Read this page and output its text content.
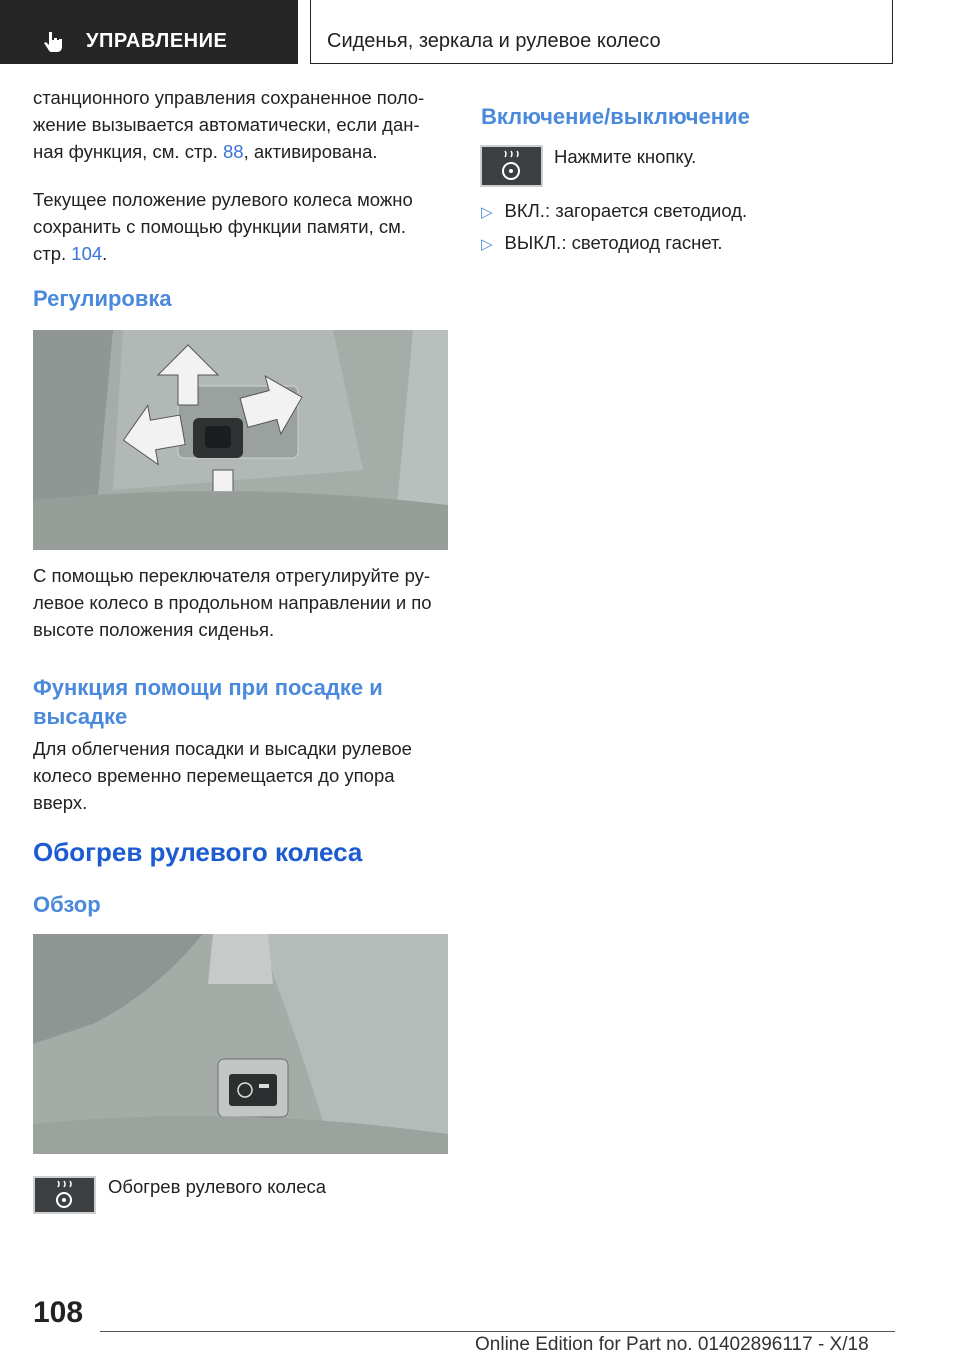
УПРАВЛЕНИЕ	Сиденья, зеркала и рулевое колесо

станционного управления сохраненное поло-
жение вызывается автоматически, если дан-
ная функция, см. стр. 88, активирована.

Текущее положение рулевого колеса можно
сохранить с помощью функции памяти, см.
стр. 104.

Регулировка

С помощью переключателя отрегулируйте ру-
левое колесо в продольном направлении и по
высоте положения сиденья.

Функция помощи при посадке и
высадке

Для облегчения посадки и высадки рулевое
колесо временно перемещается до упора
вверх.

Обогрев рулевого колеса
Обзор

Обогрев рулевого колеса

Включение/выключение

Нажмите кнопку.

▷ ВКЛ.: загорается светодиод.
▷ ВЫКЛ.: светодиод гаснет.
108
Online Edition for Part no. 01402896117 - X/18
